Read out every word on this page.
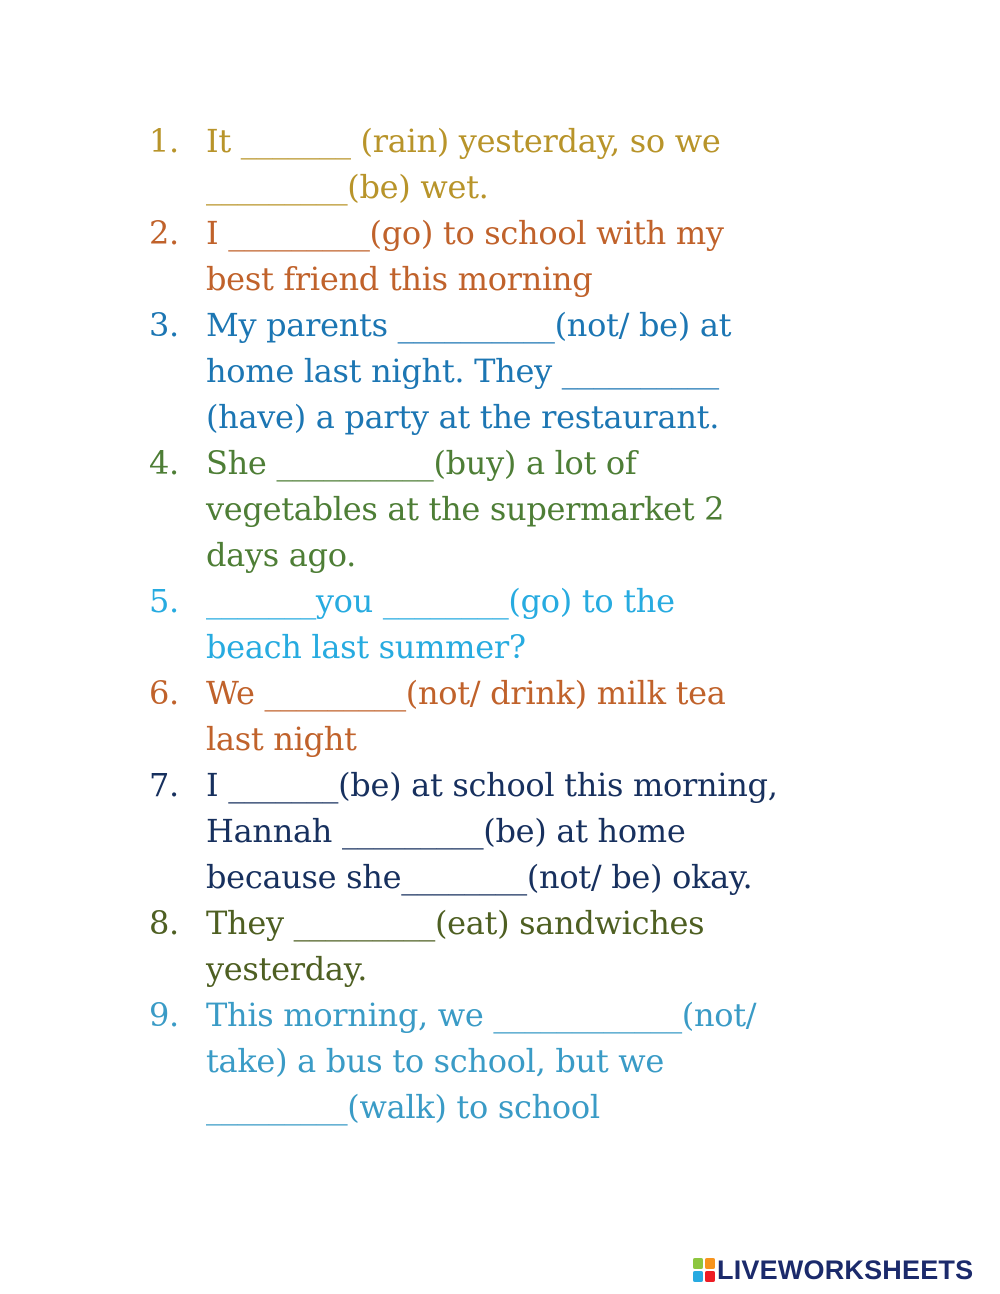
1. It _______ (rain) yesterday, so we
_________(be) wet.
2. I _________(go) to school with my
best friend this morning
3. My parents __________(not/ be) at
home last night. They __________
(have) a party at the restaurant.
4. She __________(buy) a lot of
vegetables at the supermarket 2
days ago.
5. _______you ________(go) to the
beach last summer?
6. We _________(not/ drink) milk tea
last night
7. I _______(be) at school this morning,
Hannah _________(be) at home
because she________(not/ be) okay.
8. They _________(eat) sandwiches
yesterday.
9. This morning, we ____________(not/
take) a bus to school, but we
_________(walk) to school
LIVEWORKSHEETS
